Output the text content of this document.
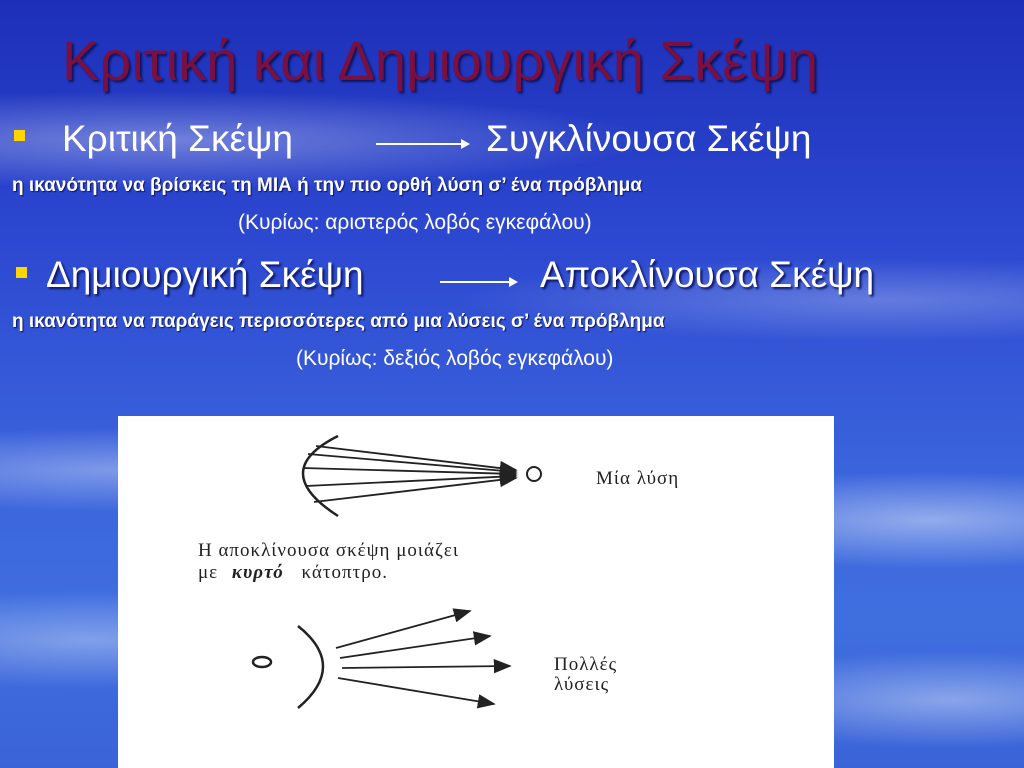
Κριτική και Δημιουργική Σκέψη
Κριτική Σκέψη	Συγκλίνουσα Σκέψη
η ικανότητα να βρίσκεις τη ΜΙΑ ή την πιο ορθή λύση σ’ ένα πρόβλημα
(Κυρίως: αριστερός λοβός εγκεφάλου)
Δημιουργική Σκέψη	Αποκλίνουσα Σκέψη
η ικανότητα να παράγεις περισσότερες από μια λύσεις σ’ ένα πρόβλημα
(Κυρίως: δεξιός λοβός εγκεφάλου)
Μία λύση
Η αποκλίνουσα σκέψη μοιάζει
με κυρτό κάτοπτρο.
Πολλές
λύσεις
